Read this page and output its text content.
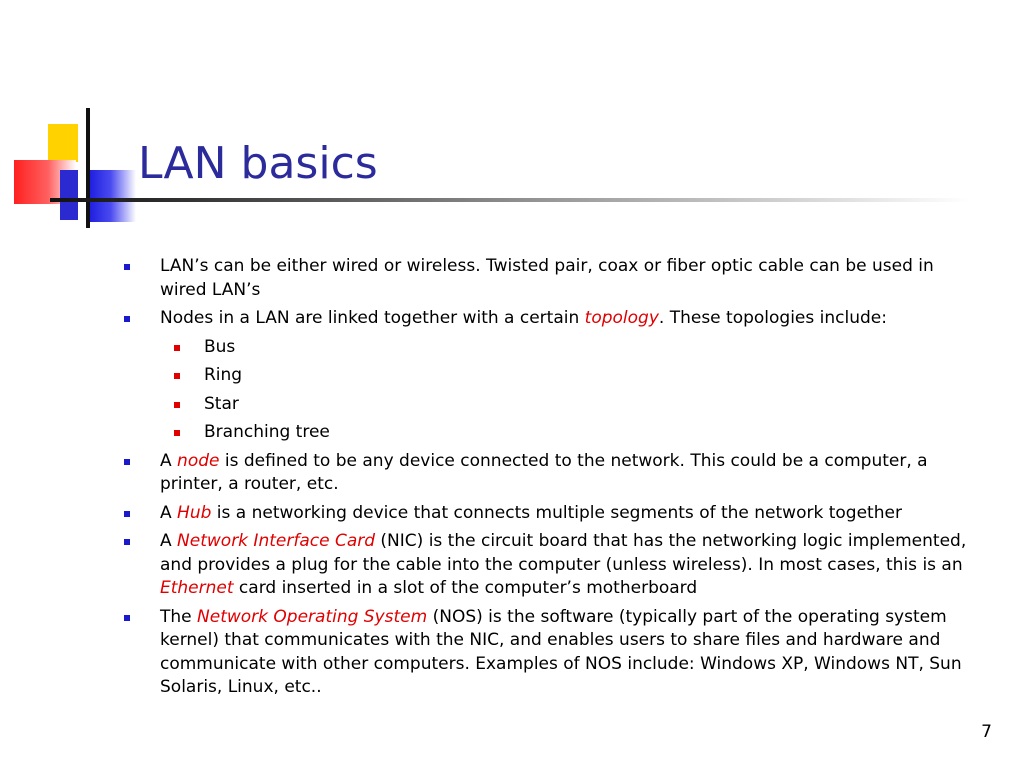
LAN basics
LAN’s can be either wired or wireless. Twisted pair, coax or fiber optic cable can be used in wired LAN’s
Nodes in a LAN are linked together with a certain topology. These topologies include:
Bus
Ring
Star
Branching tree
A node is defined to be any device connected to the network. This could be a computer, a printer, a router, etc.
A Hub is a networking device that connects multiple segments of the network together
A Network Interface Card (NIC) is the circuit board that has the networking logic implemented, and provides a plug for the cable into the computer (unless wireless). In most cases, this is an Ethernet card inserted in a slot of the computer’s motherboard
The Network Operating System (NOS) is the software (typically part of the operating system kernel) that communicates with the NIC, and enables users to share files and hardware and communicate with other computers. Examples of NOS include: Windows XP, Windows NT, Sun Solaris, Linux, etc..
7
